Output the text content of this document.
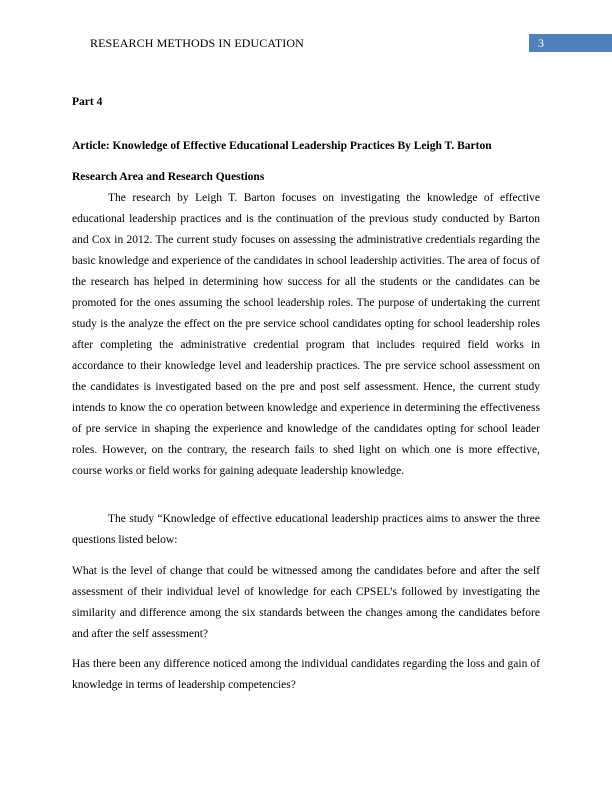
RESEARCH METHODS IN EDUCATION	3
Part 4
Article: Knowledge of Effective Educational Leadership Practices By Leigh T. Barton
Research Area and Research Questions

The research by Leigh T. Barton focuses on investigating the knowledge of effective educational leadership practices and is the continuation of the previous study conducted by Barton and Cox in 2012. The current study focuses on assessing the administrative credentials regarding the basic knowledge and experience of the candidates in school leadership activities. The area of focus of the research has helped in determining how success for all the students or the candidates can be promoted for the ones assuming the school leadership roles. The purpose of undertaking the current study is the analyze the effect on the pre service school candidates opting for school leadership roles after completing the administrative credential program that includes required field works in accordance to their knowledge level and leadership practices. The pre service school assessment on the candidates is investigated based on the pre and post self assessment. Hence, the current study intends to know the co operation between knowledge and experience in determining the effectiveness of pre service in shaping the experience and knowledge of the candidates opting for school leader roles. However, on the contrary, the research fails to shed light on which one is more effective, course works or field works for gaining adequate leadership knowledge.

The study “Knowledge of effective educational leadership practices aims to answer the three questions listed below:

What is the level of change that could be witnessed among the candidates before and after the self assessment of their individual level of knowledge for each CPSEL’s followed by investigating the similarity and difference among the six standards between the changes among the candidates before and after the self assessment?

Has there been any difference noticed among the individual candidates regarding the loss and gain of knowledge in terms of leadership competencies?
